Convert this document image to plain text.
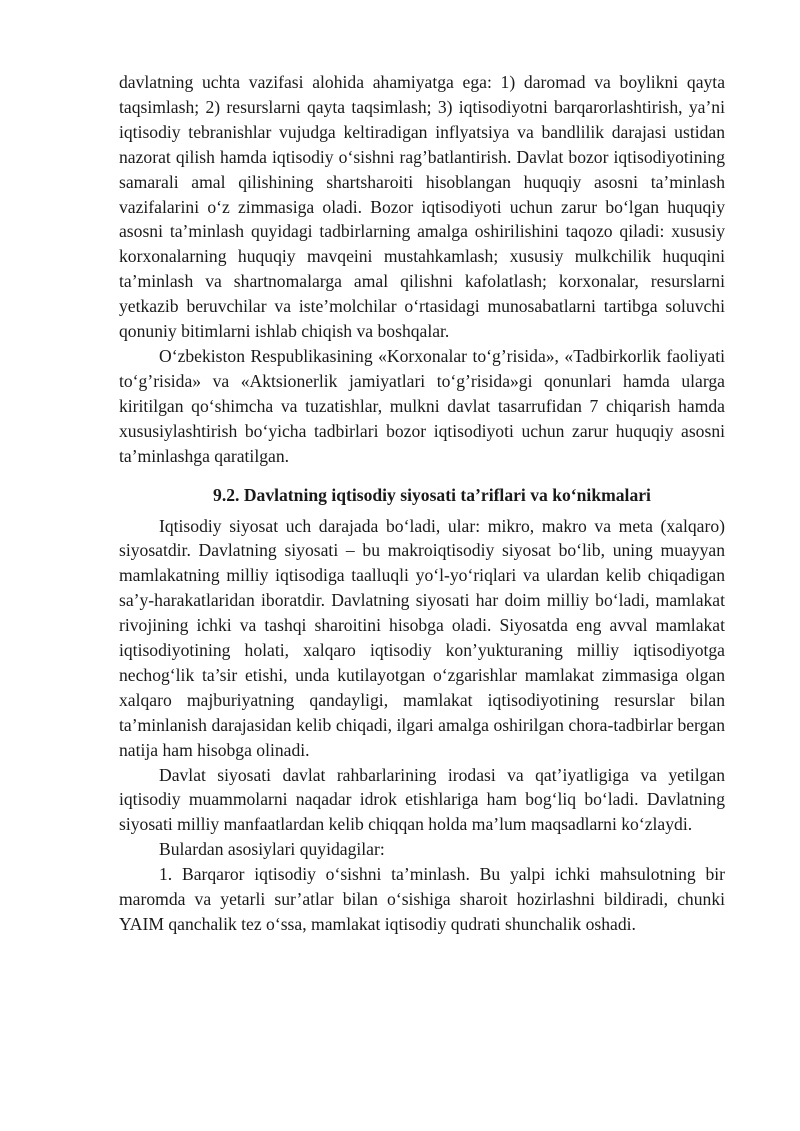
davlatning uchta vazifasi alohida ahamiyatga ega: 1) daromad va boylikni qayta taqsimlash; 2) resurslarni qayta taqsimlash; 3) iqtisodiyotni barqarorlashtirish, ya’ni iqtisodiy tebranishlar vujudga keltiradigan inflyatsiya va bandlilik darajasi ustidan nazorat qilish hamda iqtisodiy o‘sishni rag’batlantirish. Davlat bozor iqtisodiyotining samarali amal qilishining shartsharoiti hisoblangan huquqiy asosni ta’minlash vazifalarini o‘z zimmasiga oladi. Bozor iqtisodiyoti uchun zarur bo‘lgan huquqiy asosni ta’minlash quyidagi tadbirlarning amalga oshirilishini taqozo qiladi: xususiy korxonalarning huquqiy mavqeini mustahkamlash; xususiy mulkchilik huquqini ta’minlash va shartnomalarga amal qilishni kafolatlash; korxonalar, resurslarni yetkazib beruvchilar va iste’molchilar o‘rtasidagi munosabatlarni tartibga soluvchi qonuniy bitimlarni ishlab chiqish va boshqalar.

O‘zbekiston Respublikasining «Korxonalar to‘g’risida», «Tadbirkorlik faoliyati to‘g’risida» va «Aktsionerlik jamiyatlari to‘g’risida»gi qonunlari hamda ularga kiritilgan qo‘shimcha va tuzatishlar, mulkni davlat tasarrufidan 7 chiqarish hamda xususiylashtirish bo‘yicha tadbirlari bozor iqtisodiyoti uchun zarur huquqiy asosni ta’minlashga qaratilgan.

9.2. Davlatning iqtisodiy siyosati ta’riflari va ko‘nikmalari

Iqtisodiy siyosat uch darajada bo‘ladi, ular: mikro, makro va meta (xalqaro) siyosatdir. Davlatning siyosati – bu makroiqtisodiy siyosat bo‘lib, uning muayyan mamlakatning milliy iqtisodiga taalluqli yo‘l-yo‘riqlari va ulardan kelib chiqadigan sa’y-harakatlaridan iboratdir. Davlatning siyosati har doim milliy bo‘ladi, mamlakat rivojining ichki va tashqi sharoitini hisobga oladi. Siyosatda eng avval mamlakat iqtisodiyotining holati, xalqaro iqtisodiy kon’yukturaning milliy iqtisodiyotga nechog‘lik ta’sir etishi, unda kutilayotgan o‘zgarishlar mamlakat zimmasiga olgan xalqaro majburiyatning qandayligi, mamlakat iqtisodiyotining resurslar bilan ta’minlanish darajasidan kelib chiqadi, ilgari amalga oshirilgan chora-tadbirlar bergan natija ham hisobga olinadi.

Davlat siyosati davlat rahbarlarining irodasi va qat’iyatligiga va yetilgan iqtisodiy muammolarni naqadar idrok etishlariga ham bog‘liq bo‘ladi. Davlatning siyosati milliy manfaatlardan kelib chiqqan holda ma’lum maqsadlarni ko‘zlaydi.

Bulardan asosiylari quyidagilar:

1. Barqaror iqtisodiy o‘sishni ta’minlash. Bu yalpi ichki mahsulotning bir maromda va yetarli sur’atlar bilan o‘sishiga sharoit hozirlashni bildiradi, chunki YAIM qanchalik tez o‘ssa, mamlakat iqtisodiy qudrati shunchalik oshadi.
